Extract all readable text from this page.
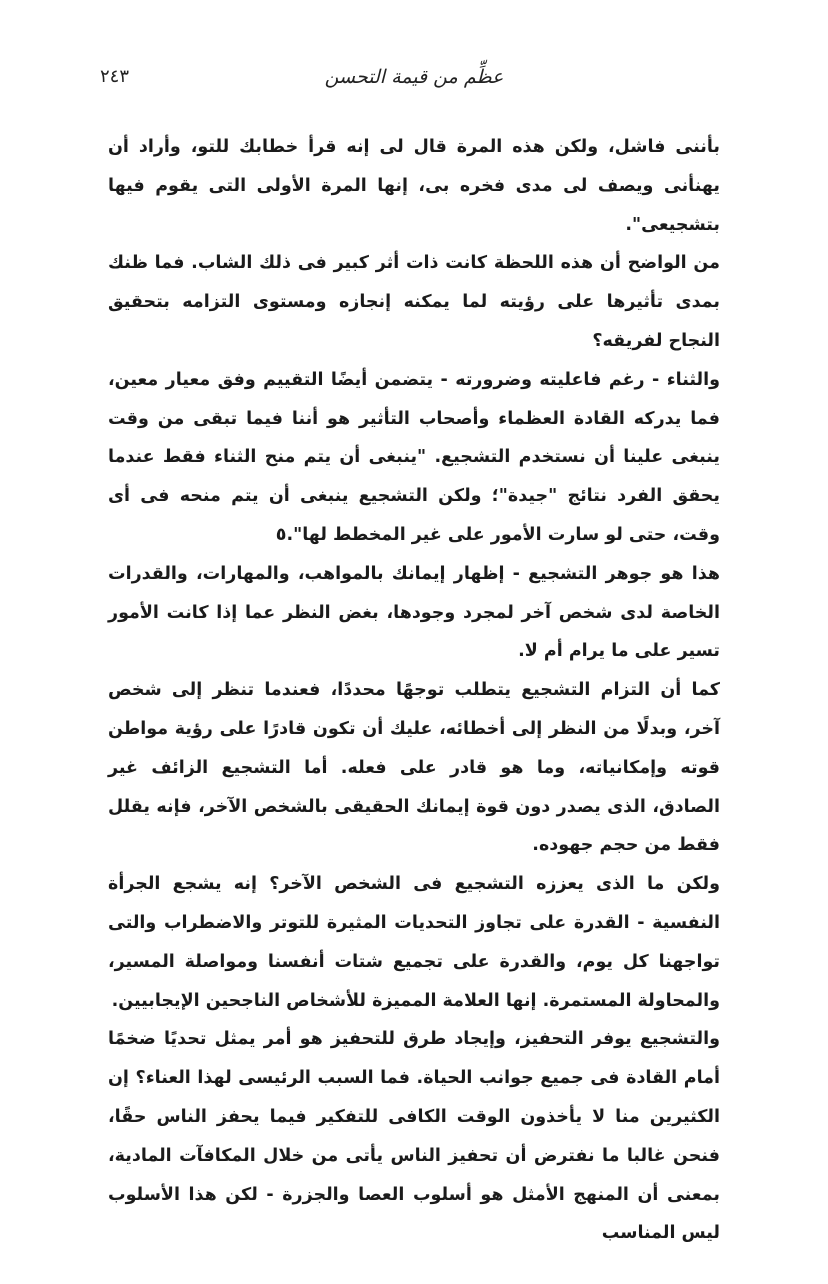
عظِّم من قيمة التحسن
٢٤٣

بأننى فاشل، ولكن هذه المرة قال لى إنه قرأ خطابك للتو، وأراد أن يهنأنى ويصف لى مدى فخره بى، إنها المرة الأولى التى يقوم فيها بتشجيعى".

من الواضح أن هذه اللحظة كانت ذات أثر كبير فى ذلك الشاب. فما ظنك بمدى تأثيرها على رؤيته لما يمكنه إنجازه ومستوى التزامه بتحقيق النجاح لفريقه؟

والثناء - رغم فاعليته وضرورته - يتضمن أيضًا التقييم وفق معيار معين، فما يدركه القادة العظماء وأصحاب التأثير هو أننا فيما تبقى من وقت ينبغى علينا أن نستخدم التشجيع. "ينبغى أن يتم منح الثناء فقط عندما يحقق الفرد نتائج "جيدة"؛ ولكن التشجيع ينبغى أن يتم منحه فى أى وقت، حتى لو سارت الأمور على غير المخطط لها".٥

هذا هو جوهر التشجيع - إظهار إيمانك بالمواهب، والمهارات، والقدرات الخاصة لدى شخص آخر لمجرد وجودها، بغض النظر عما إذا كانت الأمور تسير على ما يرام أم لا.

كما أن التزام التشجيع يتطلب توجهًا محددًا، فعندما تنظر إلى شخص آخر، وبدلًا من النظر إلى أخطائه، عليك أن تكون قادرًا على رؤية مواطن قوته وإمكانياته، وما هو قادر على فعله. أما التشجيع الزائف غير الصادق، الذى يصدر دون قوة إيمانك الحقيقى بالشخص الآخر، فإنه يقلل فقط من حجم جهوده.

ولكن ما الذى يعززه التشجيع فى الشخص الآخر؟ إنه يشجع الجرأة النفسية - القدرة على تجاوز التحديات المثيرة للتوتر والاضطراب والتى تواجهنا كل يوم، والقدرة على تجميع شتات أنفسنا ومواصلة المسير، والمحاولة المستمرة. إنها العلامة المميزة للأشخاص الناجحين الإيجابيين.

والتشجيع يوفر التحفيز، وإيجاد طرق للتحفيز هو أمر يمثل تحديًا ضخمًا أمام القادة فى جميع جوانب الحياة. فما السبب الرئيسى لهذا العناء؟ إن الكثيرين منا لا يأخذون الوقت الكافى للتفكير فيما يحفز الناس حقًا، فنحن غالبا ما نفترض أن تحفيز الناس يأتى من خلال المكافآت المادية، بمعنى أن المنهج الأمثل هو أسلوب العصا والجزرة - لكن هذا الأسلوب ليس المناسب
